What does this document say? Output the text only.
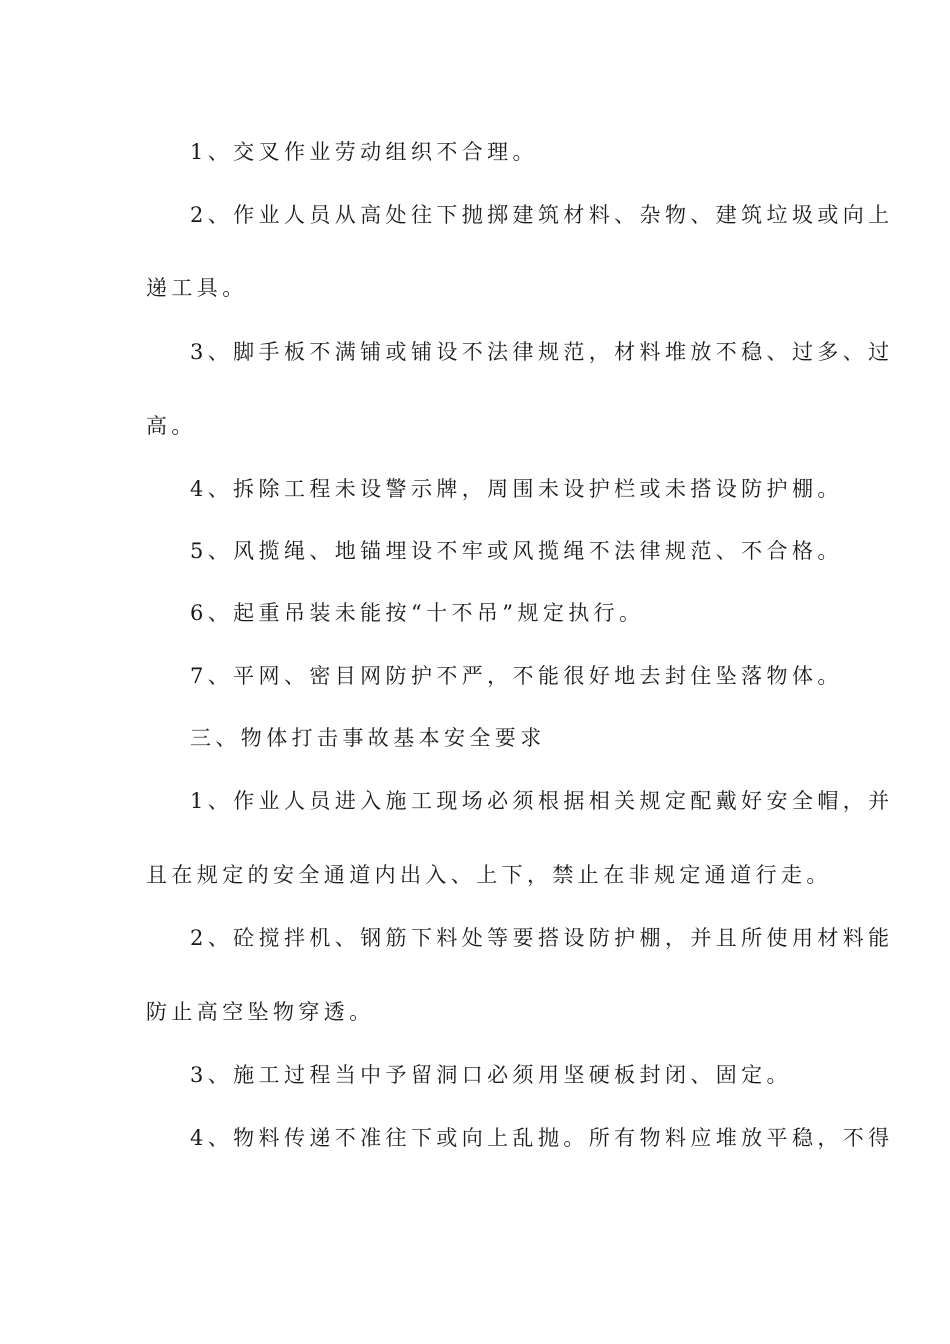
1、交叉作业劳动组织不合理。
2、作业人员从高处往下抛掷建筑材料、杂物、建筑垃圾或向上
递工具。
3、脚手板不满铺或铺设不法律规范，材料堆放不稳、过多、过
高。
4、拆除工程未设警示牌，周围未设护栏或未搭设防护棚。
5、风揽绳、地锚埋设不牢或风揽绳不法律规范、不合格。
6、起重吊装未能按“十不吊”规定执行。
7、平网、密目网防护不严，不能很好地去封住坠落物体。
三、物体打击事故基本安全要求
1、作业人员进入施工现场必须根据相关规定配戴好安全帽，并
且在规定的安全通道内出入、上下，禁止在非规定通道行走。
2、砼搅拌机、钢筋下料处等要搭设防护棚，并且所使用材料能
防止高空坠物穿透。
3、施工过程当中予留洞口必须用坚硬板封闭、固定。
4、物料传递不准往下或向上乱抛。所有物料应堆放平稳，不得
